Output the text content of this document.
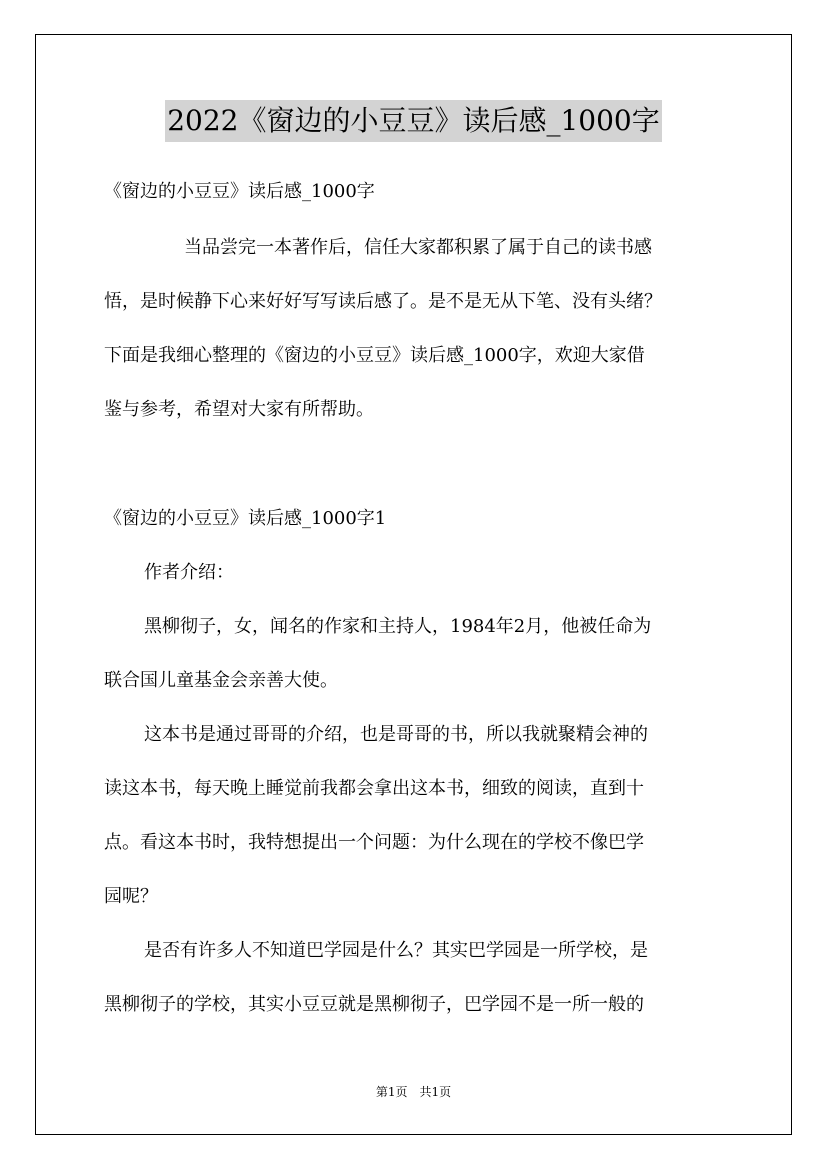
2022《窗边的小豆豆》读后感_1000字
《窗边的小豆豆》读后感_1000字
当品尝完一本著作后，信任大家都积累了属于自己的读书感
悟，是时候静下心来好好写写读后感了。是不是无从下笔、没有头绪？
下面是我细心整理的《窗边的小豆豆》读后感_1000字，欢迎大家借
鉴与参考，希望对大家有所帮助。
《窗边的小豆豆》读后感_1000字1
作者介绍：
黑柳彻子，女，闻名的作家和主持人，1984年2月，他被任命为
联合国儿童基金会亲善大使。
这本书是通过哥哥的介绍，也是哥哥的书，所以我就聚精会神的
读这本书，每天晚上睡觉前我都会拿出这本书，细致的阅读，直到十
点。看这本书时，我特想提出一个问题：为什么现在的学校不像巴学
园呢？
是否有许多人不知道巴学园是什么？其实巴学园是一所学校，是
黑柳彻子的学校，其实小豆豆就是黑柳彻子，巴学园不是一所一般的
第1页　共1页
